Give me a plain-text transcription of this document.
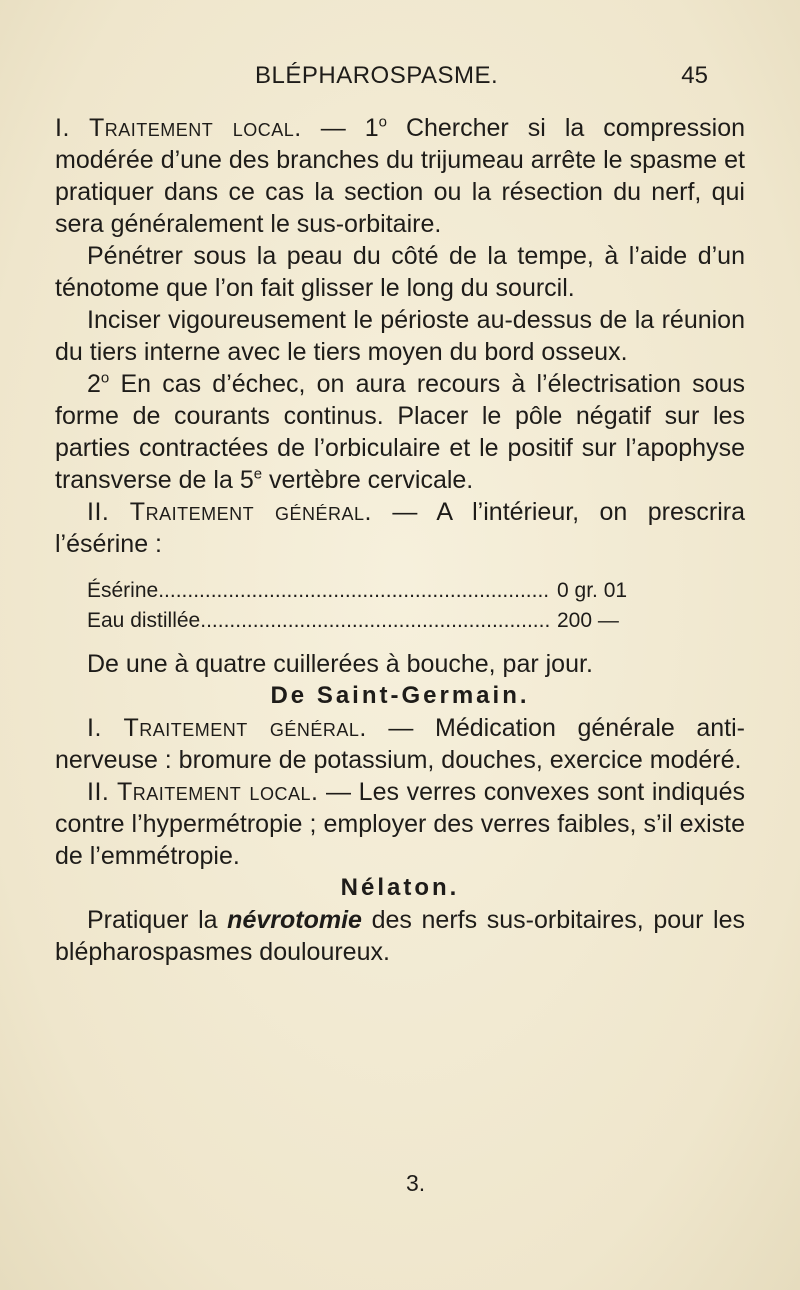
BLÉPHAROSPASME.	45

I. Traitement local. — 1$^o$ Chercher si la compression modérée d’une des branches du trijumeau arrête le spasme et pratiquer dans ce cas la section ou la résection du nerf, qui sera généralement le sus-orbitaire.

Pénétrer sous la peau du côté de la tempe, à l’aide d’un ténotome que l’on fait glisser le long du sourcil.

Inciser vigoureusement le périoste au-dessus de la réunion du tiers interne avec le tiers moyen du bord osseux.

2$^o$ En cas d’échec, on aura recours à l’électrisation sous forme de courants continus. Placer le pôle négatif sur les parties contractées de l’orbiculaire et le positif sur l’apophyse transverse de la 5e vertèbre cervicale.

II. Traitement général. — A l’intérieur, on prescrira l’ésérine :

Ésérine .....	0 gr. 01
Eau distillée .....	200 —

De une à quatre cuillerées à bouche, par jour.

De Saint-Germain.

I. Traitement général. — Médication générale anti-nerveuse : bromure de potassium, douches, exercice modéré.

II. Traitement local. — Les verres convexes sont indiqués contre l’hypermétropie ; employer des verres faibles, s’il existe de l’emmétropie.

Nélaton.

Pratiquer la névrotomie des nerfs sus-orbitaires, pour les blépharospasmes douloureux.

3.
